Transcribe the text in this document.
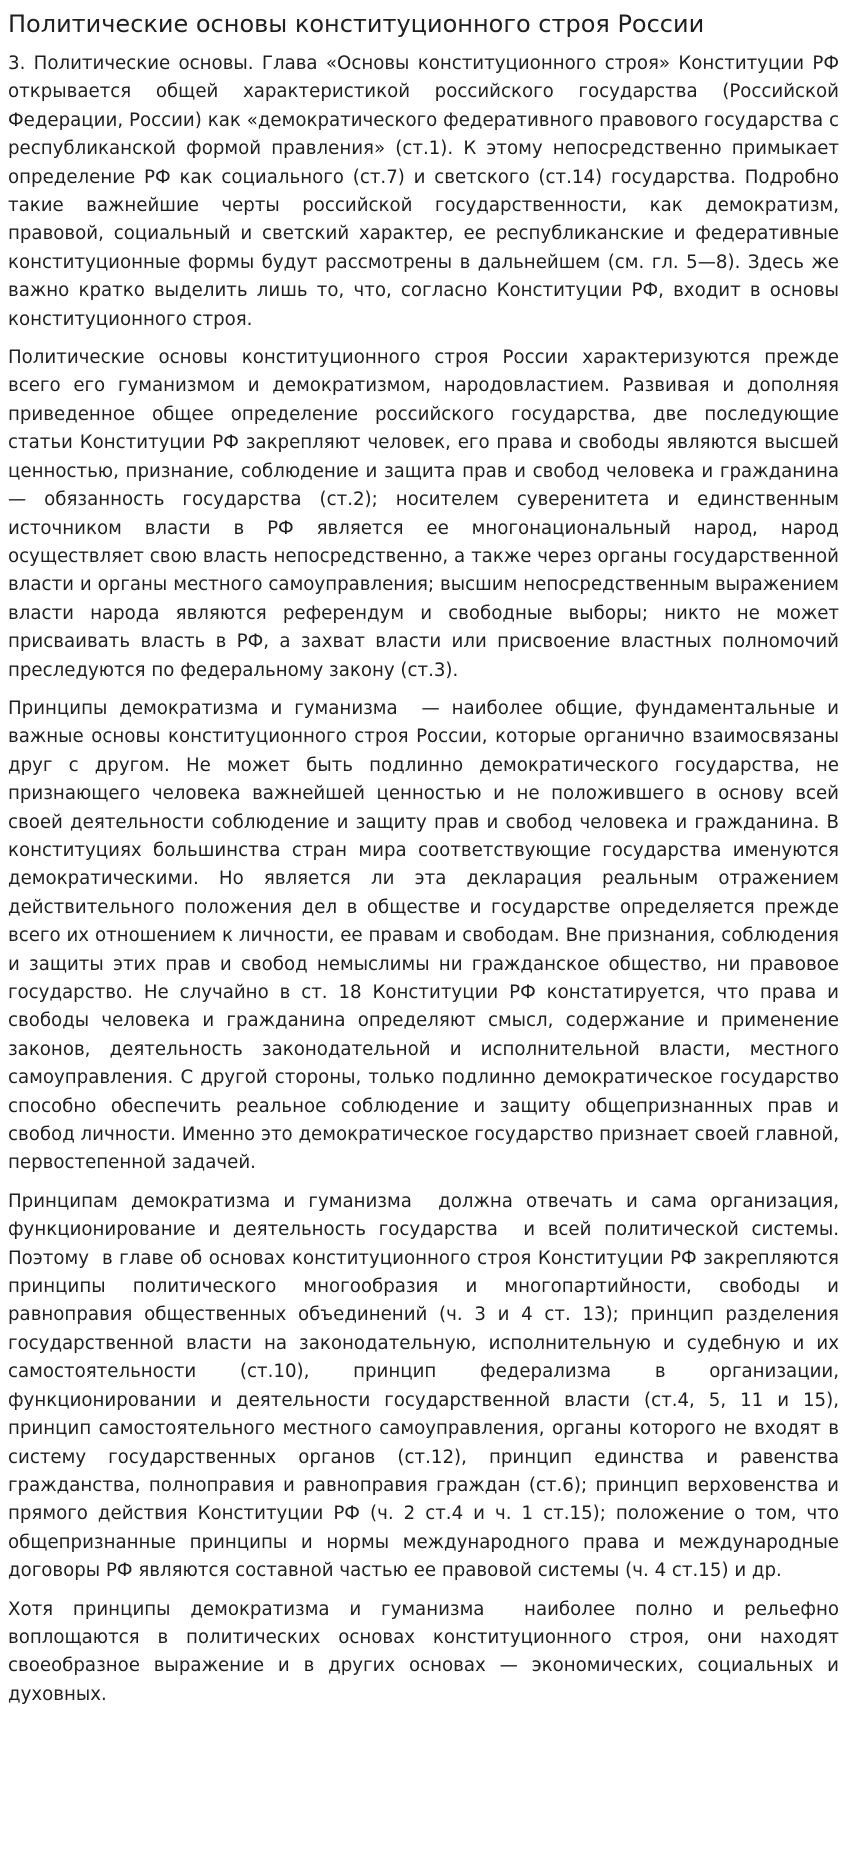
Политические основы конституционного строя России

3. Политические основы. Глава «Основы конституционного строя» Конституции РФ открывается общей характеристикой российского государства (Российской Федерации, России) как «демократического федеративного правового государства с республиканской формой правления» (ст.1). К этому непосредственно примыкает определение РФ как социального (ст.7) и светского (ст.14) государства. Подробно такие важнейшие черты российской государственности, как демократизм, правовой, социальный и светский характер, ее республиканские и федеративные конституционные формы будут рассмотрены в дальнейшем (см. гл. 5—8). Здесь же важно кратко выделить лишь то, что, согласно Конституции РФ, входит в основы конституционного строя.

Политические основы конституционного строя России характеризуются прежде всего его гуманизмом и демократизмом, народовластием. Развивая и дополняя приведенное общее определение российского государства, две последующие статьи Конституции РФ закрепляют человек, его права и свободы являются высшей ценностью, признание, соблюдение и защита прав и свобод человека и гражданина — обязанность государства (ст.2); носителем суверенитета и единственным источником власти в РФ является ее многонациональный народ, народ осуществляет свою власть непосредственно, а также через органы государственной власти и органы местного самоуправления; высшим непосредственным выражением власти народа являются референдум и свободные выборы; никто не может присваивать власть в РФ, а захват власти или присвоение властных полномочий преследуются по федеральному закону (ст.3).

Принципы демократизма и гуманизма  — наиболее общие, фундаментальные и важные основы конституционного строя России, которые органично взаимосвязаны друг с другом. Не может быть подлинно демократического государства, не признающего человека важнейшей ценностью и не положившего в основу всей своей деятельности соблюдение и защиту прав и свобод человека и гражданина. В конституциях большинства стран мира соответствующие государства именуются демократическими. Но является ли эта декларация реальным отражением действительного положения дел в обществе и государстве определяется прежде всего их отношением к личности, ее правам и свободам. Вне признания, соблюдения и защиты этих прав и свобод немыслимы ни гражданское общество, ни правовое государство. Не случайно в ст. 18 Конституции РФ констатируется, что права и свободы человека и гражданина определяют смысл, содержание и применение законов, деятельность законодательной и исполнительной власти, местного самоуправления. С другой стороны, только подлинно демократическое государство способно обеспечить реальное соблюдение и защиту общепризнанных прав и свобод личности. Именно это демократическое государство признает своей главной, первостепенной задачей.

Принципам демократизма и гуманизма  должна отвечать и сама организация, функционирование и деятельность государства  и всей политической системы. Поэтому  в главе об основах конституционного строя Конституции РФ закрепляются принципы политического многообразия и многопартийности, свободы и равноправия общественных объединений (ч. 3 и 4 ст. 13); принцип разделения государственной власти на законодательную, исполнительную и судебную и их самостоятельности (ст.10), принцип федерализма в организации, функционировании и деятельности государственной власти (ст.4, 5, 11 и 15), принцип самостоятельного местного самоуправления, органы которого не входят в систему государственных органов (ст.12), принцип единства и равенства гражданства, полноправия и равноправия граждан (ст.6); принцип верховенства и прямого действия Конституции РФ (ч. 2 ст.4 и ч. 1 ст.15); положение о том, что общепризнанные принципы и нормы международного права и международные договоры РФ являются составной частью ее правовой системы (ч. 4 ст.15) и др.

Хотя принципы демократизма и гуманизма  наиболее полно и рельефно воплощаются в политических основах конституционного строя, они находят своеобразное выражение и в других основах — экономических, социальных и духовных.
